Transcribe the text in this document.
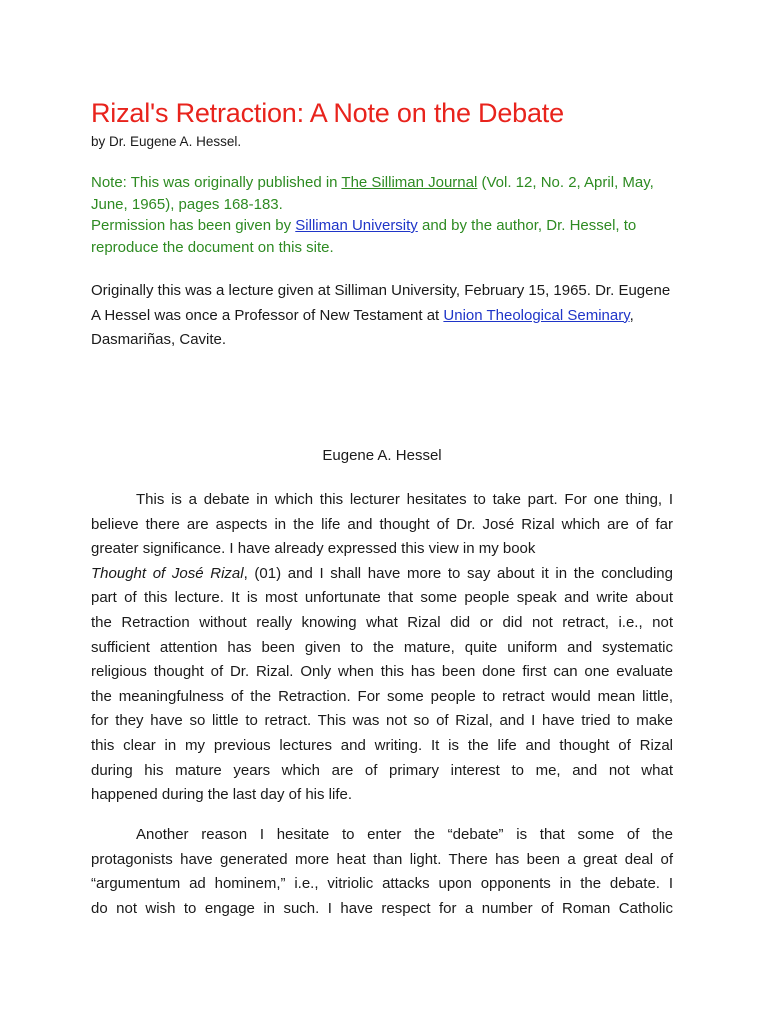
Rizal's Retraction: A Note on the Debate

by Dr. Eugene A. Hessel.

Note: This was originally published in The Silliman Journal (Vol. 12, No. 2, April, May, June, 1965), pages 168-183.
Permission has been given by Silliman University and by the author, Dr. Hessel, to reproduce the document on this site.
Originally this was a lecture given at Silliman University, February 15, 1965. Dr. Eugene A Hessel was once a Professor of New Testament at Union Theological Seminary, Dasmariñas, Cavite.
Eugene A. Hessel
This is a debate in which this lecturer hesitates to take part. For one thing, I
believe there are aspects in the life and thought of Dr. José Rizal which are of far
greater significance. I have already expressed this view in my book
Thought of José Rizal, (01) and I shall have more to say about it in the concluding
part of this lecture. It is most unfortunate that some people speak and write about
the Retraction without really knowing what Rizal did or did not retract, i.e., not
sufficient attention has been given to the mature, quite uniform and systematic
religious thought of Dr. Rizal. Only when this has been done first can one evaluate
the meaningfulness of the Retraction. For some people to retract would mean little,
for they have so little to retract. This was not so of Rizal, and I have tried to make
this clear in my previous lectures and writing. It is the life and thought of Rizal
during his mature years which are of primary interest to me, and not what
happened during the last day of his life.
Another reason I hesitate to enter the “debate” is that some of the
protagonists have generated more heat than light. There has been a great deal of
“argumentum ad hominem,” i.e., vitriolic attacks upon opponents in the debate. I
do not wish to engage in such. I have respect for a number of Roman Catholic
